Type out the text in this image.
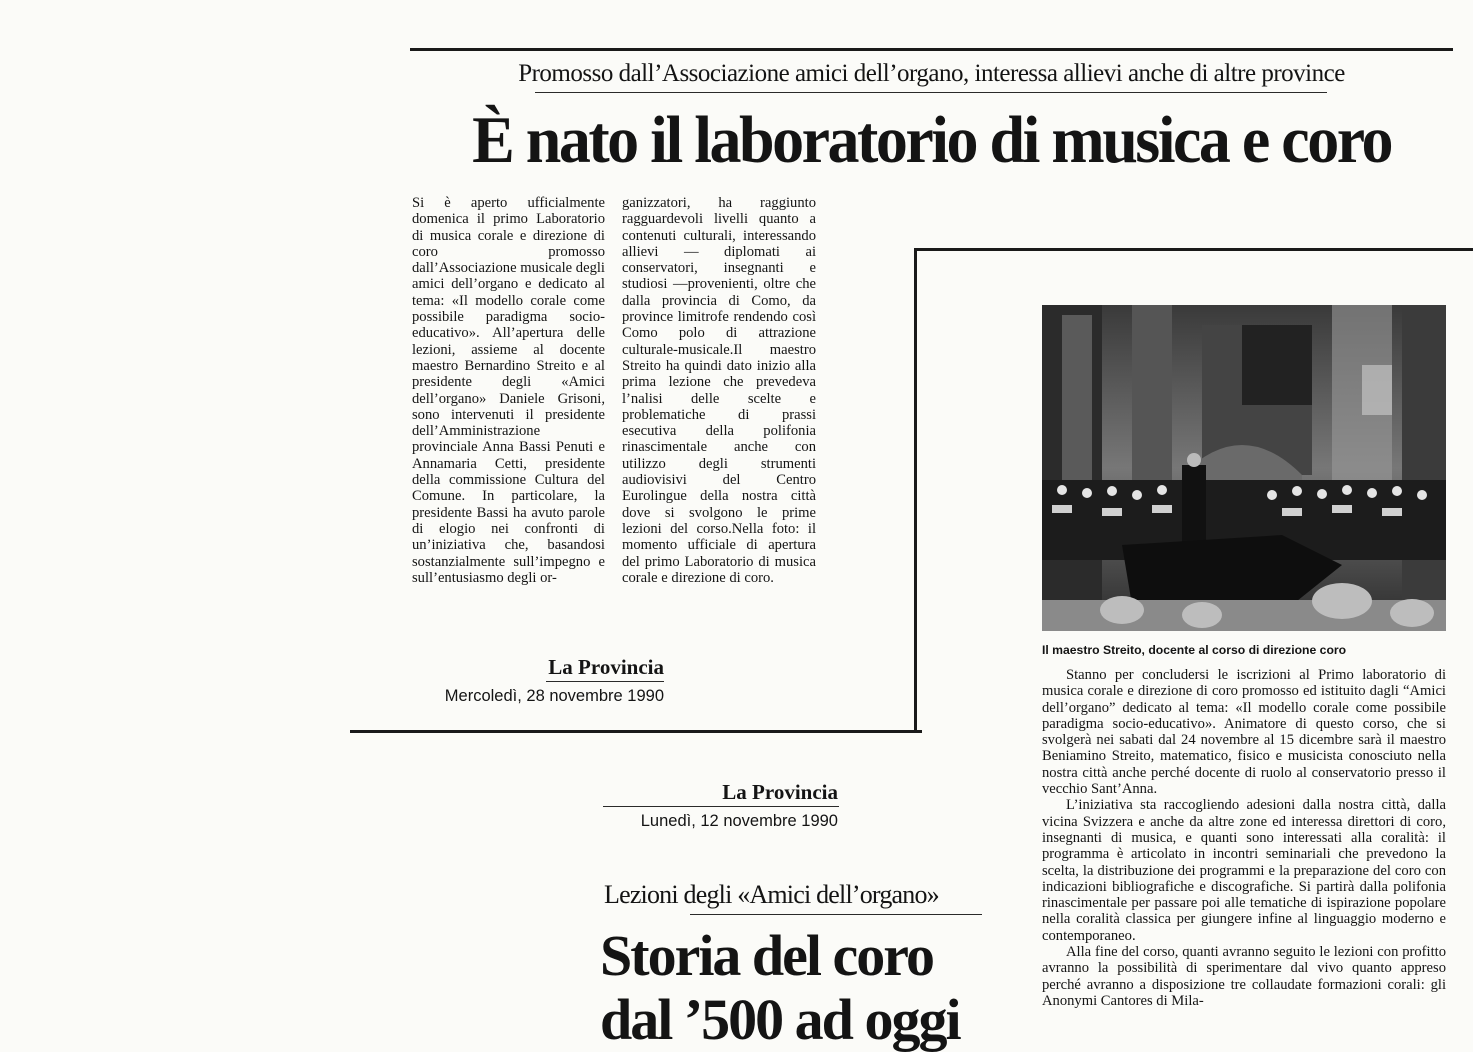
Promosso dall’Associazione amici dell’organo, interessa allievi anche di altre province
È nato il laboratorio di musica e coro
Si è aperto ufficialmente domenica il primo Laboratorio di musica corale e direzione di coro promosso dall’Associazione musicale degli amici dell’organo e dedicato al tema: «Il modello corale come possibile paradigma socio-educativo». All’apertura delle lezioni, assieme al docente maestro Bernardino Streito e al presidente degli «Amici dell’organo» Daniele Grisoni, sono intervenuti il presidente dell’Amministrazione provinciale Anna Bassi Penuti e Annamaria Cetti, presidente della commissione Cultura del Comune. In particolare, la presidente Bassi ha avuto parole di elogio nei confronti di un’iniziativa che, basandosi sostanzialmente sull’impegno e sull’entusiasmo degli or-
ganizzatori, ha raggiunto ragguardevoli livelli quanto a contenuti culturali, interessando allievi — diplomati ai conservatori, insegnanti e studiosi —provenienti, oltre che dalla provincia di Como, da province limitrofe rendendo così Como polo di attrazione culturale-musicale.Il maestro Streito ha quindi dato inizio alla prima lezione che prevedeva l’nalisi delle scelte e problematiche di prassi esecutiva della polifonia rinascimentale anche con utilizzo degli strumenti audiovisivi del Centro Eurolingue della nostra città dove si svolgono le prime lezioni del corso.Nella foto: il momento ufficiale di apertura del primo Laboratorio di musica corale e direzione di coro.
La Provincia
Mercoledì, 28 novembre 1990
Il maestro Streito, docente al corso di direzione coro

Stanno per concludersi le iscrizioni al Primo laboratorio di musica corale e direzione di coro promosso ed istituito dagli “Amici dell’organo” dedicato al tema: «Il modello corale come possibile paradigma socio-educativo». Animatore di questo corso, che si svolgerà nei sabati dal 24 novembre al 15 dicembre sarà il maestro Beniamino Streito, matematico, fisico e musicista conosciuto nella nostra città anche perché docente di ruolo al conservatorio presso il vecchio Sant’Anna.

L’iniziativa sta raccogliendo adesioni dalla nostra città, dalla vicina Svizzera e anche da altre zone ed interessa direttori di coro, insegnanti di musica, e quanti sono interessati alla coralità: il programma è articolato in incontri seminariali che prevedono la scelta, la distribuzione dei programmi e la preparazione del coro con indicazioni bibliografiche e discografiche. Si partirà dalla polifonia rinascimentale per passare poi alle tematiche di ispirazione popolare nella coralità classica per giungere infine al linguaggio moderno e contemporaneo.

Alla fine del corso, quanti avranno seguito le lezioni con profitto avranno la possibilità di sperimentare dal vivo quanto appreso perché avranno a disposizione tre collaudate formazioni corali: gli Anonymi Cantores di Mila-

La Provincia
Lunedì, 12 novembre 1990
Lezioni degli «Amici dell’organo»
Storia del coro
dal ’500 ad oggi
